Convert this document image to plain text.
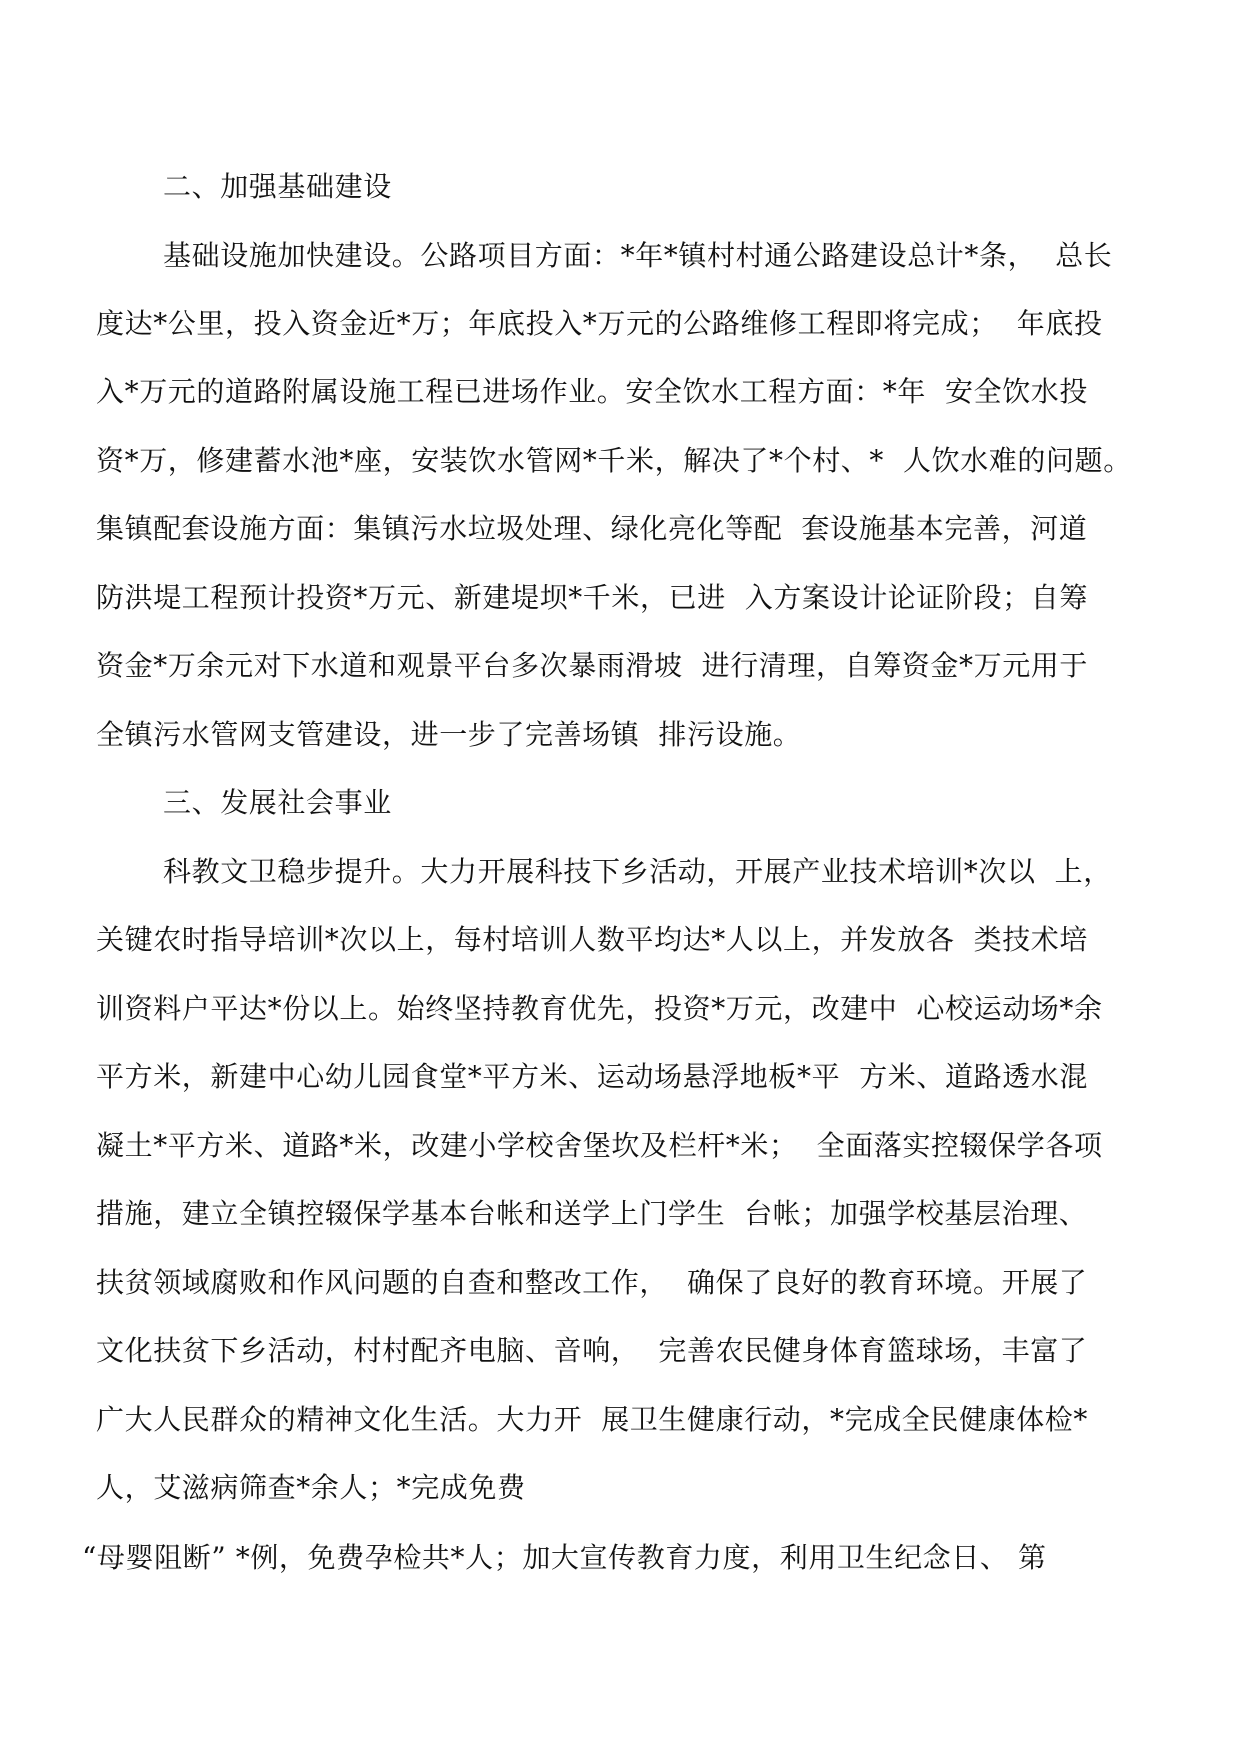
二、加强基础建设
基础设施加快建设。公路项目方面：*年*镇村村通公路建设总计*条，  总长
度达*公里，投入资金近*万；年底投入*万元的公路维修工程即将完成；  年底投
入*万元的道路附属设施工程已进场作业。安全饮水工程方面：*年  安全饮水投
资*万，修建蓄水池*座，安装饮水管网*千米，解决了*个村、*  人饮水难的问题。
集镇配套设施方面：集镇污水垃圾处理、绿化亮化等配  套设施基本完善，河道
防洪堤工程预计投资*万元、新建堤坝*千米，已进  入方案设计论证阶段；自筹
资金*万余元对下水道和观景平台多次暴雨滑坡  进行清理，自筹资金*万元用于
全镇污水管网支管建设，进一步了完善场镇  排污设施。
三、发展社会事业
科教文卫稳步提升。大力开展科技下乡活动，开展产业技术培训*次以  上，
关键农时指导培训*次以上，每村培训人数平均达*人以上，并发放各  类技术培
训资料户平达*份以上。始终坚持教育优先，投资*万元，改建中  心校运动场*余
平方米，新建中心幼儿园食堂*平方米、运动场悬浮地板*平  方米、道路透水混
凝土*平方米、道路*米，改建小学校舍堡坎及栏杆*米；  全面落实控辍保学各项
措施，建立全镇控辍保学基本台帐和送学上门学生  台帐；加强学校基层治理、
扶贫领域腐败和作风问题的自查和整改工作，  确保了良好的教育环境。开展了
文化扶贫下乡活动，村村配齐电脑、音响，  完善农民健身体育篮球场，丰富了
广大人民群众的精神文化生活。大力开  展卫生健康行动，*完成全民健康体检*
人，艾滋病筛查*余人；*完成免费
“母婴阻断” *例，免费孕检共*人；加大宣传教育力度，利用卫生纪念日、 第
